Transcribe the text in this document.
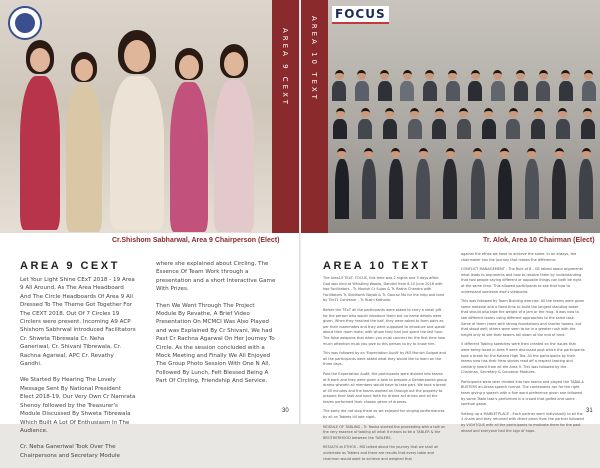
AREA 9 CEXT
Cr.Shishom Sabharwal, Area 9 Chairperson (Elect)
AREA 9 CEXT

Let Your Light Shine CExT 2018 - 19 Area 9 All Around, As The Area Headboard And The Circle Headboards Of Area 9 All Dressed To The Theme Got Together For The CEXT 2018. Out Of 7 Circles 19 Circlers were present. Incoming A9 ACP Shishom Sabhrwal introduced Facilitators Cr. Shweta Tibrewala Cr. Neha Ganeriwal, Cr. Shivani Tibrewala, Cr. Rachna Agarwal, APC Cr. Revathy Gandhi.

We Started By Hearing The Lovely Message Sent By National President Elect 2018-19, Our Very Own Cr Namrata Shenoy followed by the Treasurer's Module Discussed By Shweta Tibrewala Which Built A Lot Of Enthusiasm In The Audience.

Cr. Neha Ganeriwal Took Over The Chairpersons and Secretary Module

where she explained about Circling, The Essence Of Team Work through a presentation and a short Interactive Game With Prizes.

Then We Went Through The Project Module By Revathe, A Brief Video Presentation On MCMCI Was Also Played and was Explained By Cr Shivani, We had Past Cr Rachna Agarwal On Her Journey To Circle. As the session concluded with a Mock Meeting and Finally We All Enjoyed The Group Photo Session With One N All, Followed By Lunch, Felt Blessed Being A Part Of Circling, Friendship And Service.

30
AREA 10 TEXT
FOCUS
Tr. Alok, Area 10 Chairman (Elect)
AREA 10 TEXT

The Area10 TExT- FOCUS, this time was 2 nights and 3 days affair. God was kind at Whistling Woods, Dandeli from 8-10 June 2018 with two Facilitators - Tr. Monish Cr Sujan & Tr. Rasha Chandra with Facilitators Tr. Siddharth Nayak & Tr. Gaurav Mo for the help and lead by Tbr11 Convener - Tr. Rushi Katholar.

Before the TExT all the participants were asked to carry a small gift for the person who would introduce them but no name details were given. When they reached the half, they were asked to form pairs as per their roommates and they were supposed to introduce and speak about their room mate, with whom they had just spent the last hour. The false weapons that when you must connect for the first time how much attention must you give to this person to try to know him.

This was followed by an 'Expectation Audit' by MD Monish Golgod and all the participants were asked what they would like to learn on the three days.

Post the Expectation Audit, the participants were divided into teams of 8 each and they were given a task to prepare a Genderpanda group drama wherein all members would have to take part. We took a break of 40 minutes and the teams worked on through out the property to prepare their task and back forth for drama act drinks and all the teams performed their chosen genre of dramas.

The party did not stop there as we enjoyed fun singing performances by all on Tablets till late night.

MODULE OF TABLING - Tr. Rasha started the proceeding with a talk on the very essence of tabling all what it means to be a TABLER & the BROTHERHOOD between the TABLERS.

RESULTS at ETHOS - MD talked about the journey that we shall all undertake as Tablers and there are results that every table and chairman would want to achieve and weighed that

against the ethos we have to achieve the same. In an always, the chairmaker has the journey that makes the difference.

CONFLICT MANAGEMENT - The Rule of 8 - GE talked about arguments what leads to arguments and how to resolve them by understanding that two people saying different or opposite things can both be right at the same time. This allowed participants to see that how to understand someone else's viewpoint.

This was followed by Team Building exercise. All the teams were given some material and a fixed time to build the longest standing tower that should also take the weight of a jam or the mug. It was now to see different teams using different approaches to the same task. Some of them came with strong foundations and shorter towers, but that stood well; others were seen to be in a greater rush with the height only to see their towers fall down at the end of time.

5 different Tabling speeches were then created on the issues that were being faced in Area 9 were discussed post which the participants took a break for the Katana High Tea. All the participants by their teams now has their Hero stories read off a respect tasking and similarly heard from all the Area 9. This was followed by the Chairman, Secretary & Convenor Modules.

Participants were later divided into two teams and played the TABALA BUSTERS an Areas speech format. The contestants ran for the right team giving a speech with a five word preference given one followed by some Table task's performed in a crowd that golfed and some spiritual game.

Setting up a MARKETPLACE - Each partner went individually to all the 4 chairs and they returned with direct plans from the partner followed by VIGHTGUS with all the participants to motivate them for the past ahead and everyone had the sign of hope.

31
